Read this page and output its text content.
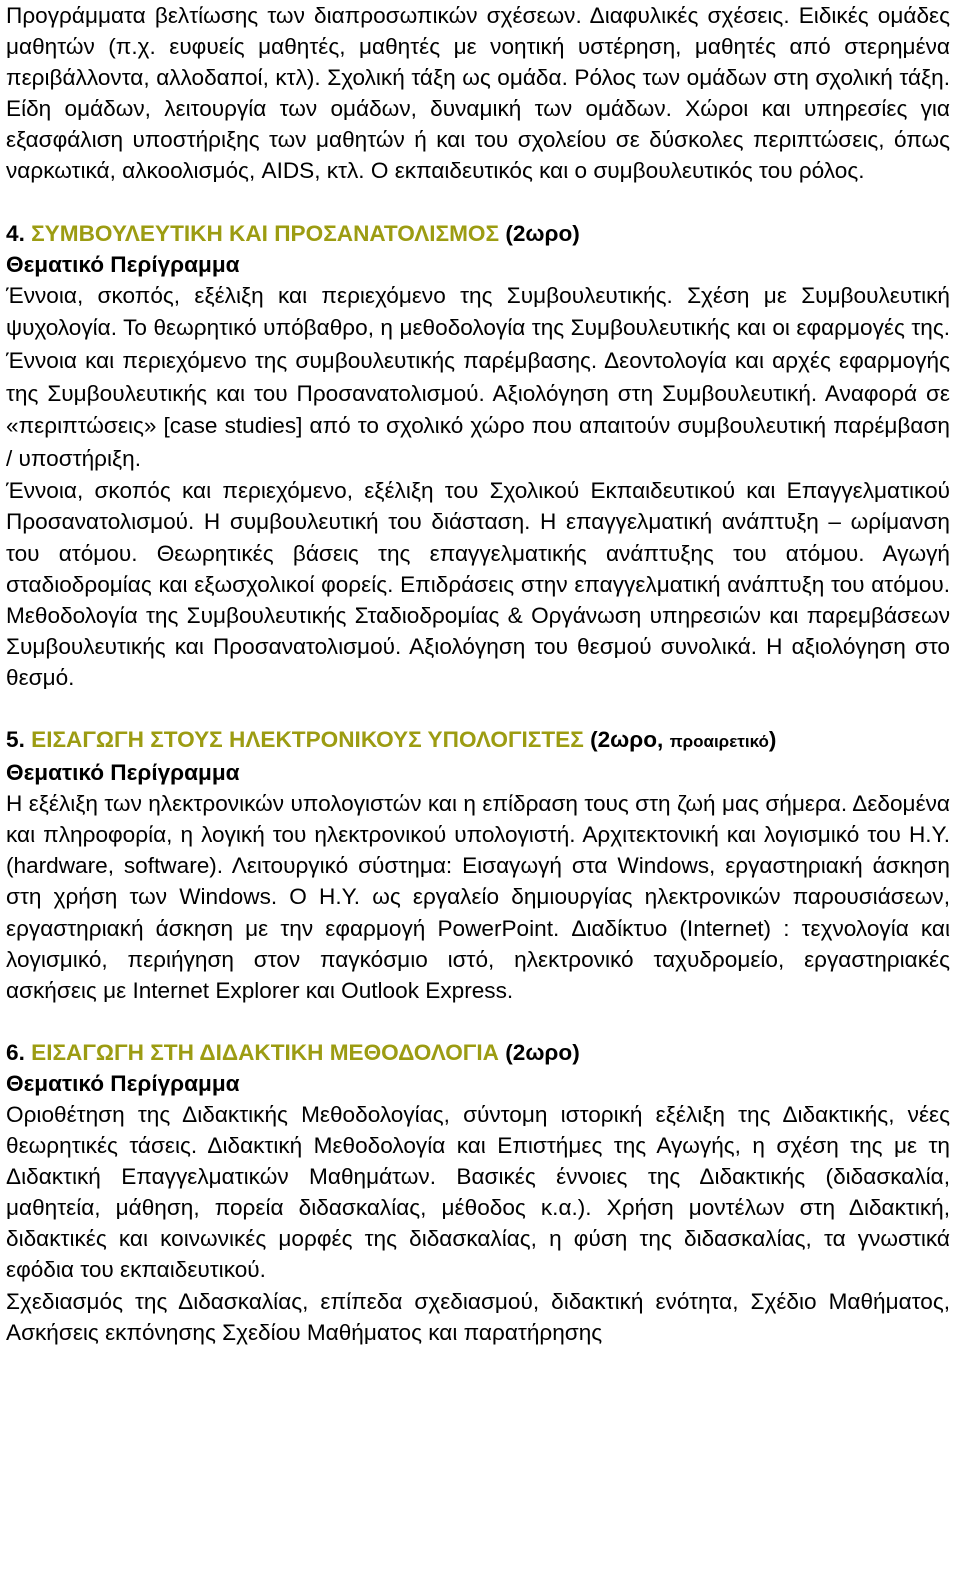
Προγράμματα βελτίωσης των διαπροσωπικών σχέσεων. Διαφυλικές σχέσεις. Ειδικές ομάδες μαθητών (π.χ. ευφυείς μαθητές, μαθητές με νοητική υστέρηση, μαθητές από στερημένα περιβάλλοντα, αλλοδαποί, κτλ). Σχολική τάξη ως ομάδα. Ρόλος των ομάδων στη σχολική τάξη. Είδη ομάδων, λειτουργία των ομάδων, δυναμική των ομάδων. Χώροι και υπηρεσίες για εξασφάλιση υποστήριξης των μαθητών ή και του σχολείου σε δύσκολες περιπτώσεις, όπως ναρκωτικά, αλκοολισμός, AIDS, κτλ. Ο εκπαιδευτικός και ο συμβουλευτικός του ρόλος.

4. ΣΥΜΒΟΥΛΕΥΤΙΚΗ ΚΑΙ ΠΡΟΣΑΝΑΤΟΛΙΣΜΟΣ (2ωρο)

Θεματικό Περίγραμμα

Έννοια, σκοπός, εξέλιξη και περιεχόμενο της Συμβουλευτικής. Σχέση με Συμβουλευτική ψυχολογία. Το θεωρητικό υπόβαθρο, η μεθοδολογία της Συμβουλευτικής και οι εφαρμογές της. Έννοια και περιεχόμενο της συμβουλευτικής παρέμβασης. Δεοντολογία και αρχές εφαρμογής της Συμβουλευτικής και του Προσανατολισμού. Αξιολόγηση στη Συμβουλευτική. Αναφορά σε «περιπτώσεις» [case studies] από το σχολικό χώρο που απαιτούν συμβουλευτική παρέμβαση / υποστήριξη.

Έννοια, σκοπός και περιεχόμενο, εξέλιξη του Σχολικού Εκπαιδευτικού και Επαγγελματικού Προσανατολισμού. Η συμβουλευτική του διάσταση. Η επαγγελματική ανάπτυξη – ωρίμανση του ατόμου. Θεωρητικές βάσεις της επαγγελματικής ανάπτυξης του ατόμου. Αγωγή σταδιοδρομίας και εξωσχολικοί φορείς. Επιδράσεις στην επαγγελματική ανάπτυξη του ατόμου. Μεθοδολογία της Συμβουλευτικής Σταδιοδρομίας & Οργάνωση υπηρεσιών και παρεμβάσεων Συμβουλευτικής και Προσανατολισμού. Αξιολόγηση του θεσμού συνολικά. Η αξιολόγηση στο θεσμό.

5. ΕΙΣΑΓΩΓΗ ΣΤΟΥΣ ΗΛΕΚΤΡΟΝΙΚΟΥΣ ΥΠΟΛΟΓΙΣΤΕΣ (2ωρο, προαιρετικό)

Θεματικό Περίγραμμα

Η εξέλιξη των ηλεκτρονικών υπολογιστών και η επίδραση τους στη ζωή μας σήμερα. Δεδομένα και πληροφορία, η λογική του ηλεκτρονικού υπολογιστή. Αρχιτεκτονική και λογισμικό του Η.Υ. (hardware, software). Λειτουργικό σύστημα: Εισαγωγή στα Windows, εργαστηριακή άσκηση στη χρήση των Windows. Ο Η.Υ. ως εργαλείο δημιουργίας ηλεκτρονικών παρουσιάσεων, εργαστηριακή άσκηση με την εφαρμογή PowerPoint. Διαδίκτυο (Internet) : τεχνολογία και λογισμικό, περιήγηση στον παγκόσμιο ιστό, ηλεκτρονικό ταχυδρομείο, εργαστηριακές ασκήσεις με Internet Explorer και Outlook Express.

6. ΕΙΣΑΓΩΓΗ ΣΤΗ ΔΙΔΑΚΤΙΚΗ ΜΕΘΟΔΟΛΟΓΙΑ (2ωρο)

Θεματικό Περίγραμμα

Οριοθέτηση της Διδακτικής Μεθοδολογίας, σύντομη ιστορική εξέλιξη της Διδακτικής, νέες θεωρητικές τάσεις. Διδακτική Μεθοδολογία και Επιστήμες της Αγωγής, η σχέση της με τη Διδακτική Επαγγελματικών Μαθημάτων. Βασικές έννοιες της Διδακτικής (διδασκαλία, μαθητεία, μάθηση, πορεία διδασκαλίας, μέθοδος κ.α.). Χρήση μοντέλων στη Διδακτική, διδακτικές και κοινωνικές μορφές της διδασκαλίας, η φύση της διδασκαλίας, τα γνωστικά εφόδια του εκπαιδευτικού.

Σχεδιασμός της Διδασκαλίας, επίπεδα σχεδιασμού, διδακτική ενότητα, Σχέδιο Μαθήματος, Ασκήσεις εκπόνησης Σχεδίου Μαθήματος και παρατήρησης
